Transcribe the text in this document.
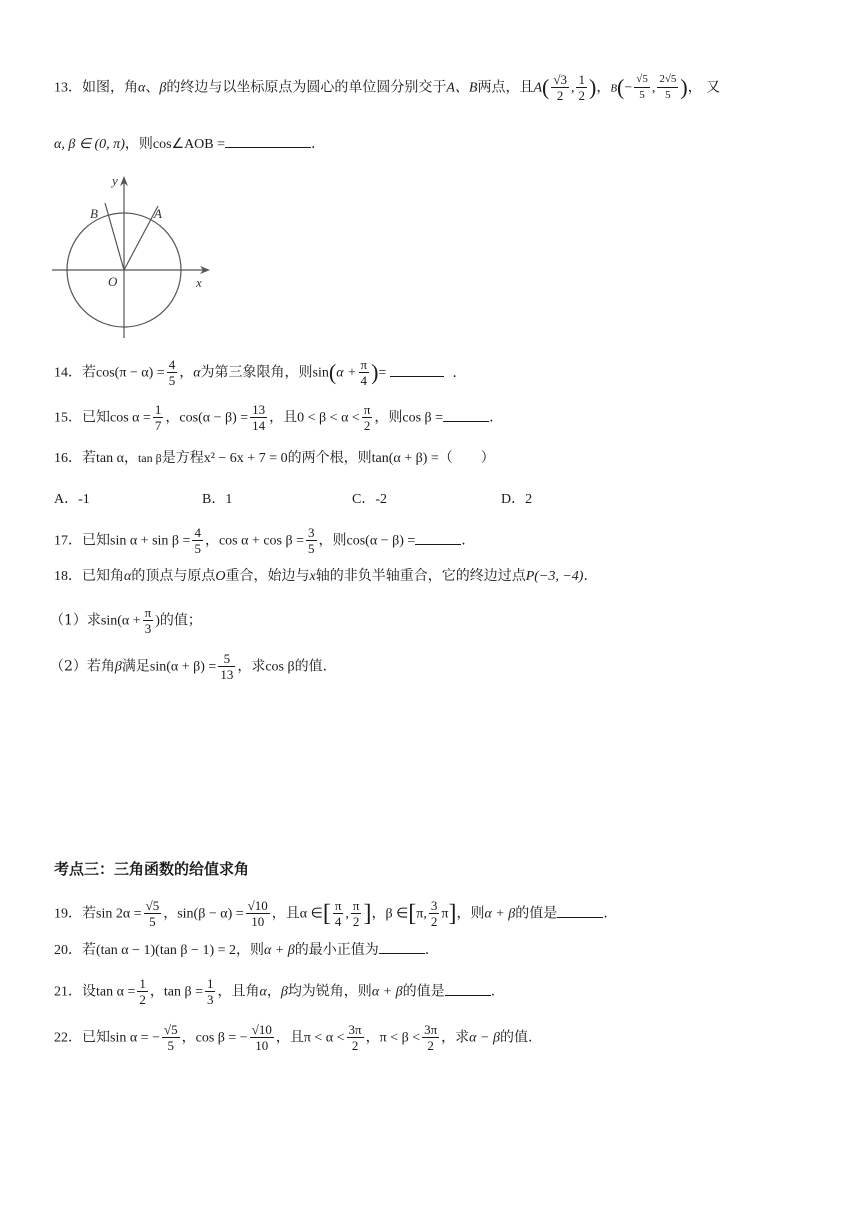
13．如图，角α、β的终边与以坐标原点为圆心的单位圆分别交于A、B两点，且$A( \frac{√3}{2}$ , $\frac{1}{2}$ )，$B(- \frac{√5}{5}$ , $\frac{2√5}{5}$ )， 又
α, β ∈ (0, π)，则cos∠AOB =	.
y
x
O
A
B
14．若$\cos(\pi - \alpha) = \frac{4}{5}$ ，α为第三象限角，则$\sin(\alpha + \frac{\pi}{4}$ )=	.
15．已知$\cos \alpha = \frac{1}{7}$ ，$\cos(\alpha - \beta) = \frac{13}{14}$ ，且$0 < \beta < \alpha < \frac{\pi}{2}$ ，则cos β =	.
16．若tan α，tan β是方程x² − 6x + 7 = 0的两个根，则tan(α + β) =（　　）
A．-1	B．1	C．-2	D．2
17．已知$\sin \alpha + \sin \beta = \frac{4}{5}$ ，$\cos \alpha + \cos \beta = \frac{3}{5}$ ，则cos(α − β) =	.
18．已知角α的顶点与原点O重合，始边与x轴的非负半轴重合，它的终边过点P(−3, −4).
（1）求$\sin(\alpha + \frac{\pi}{3}$ )的值；
（2）若角β满足$\sin(\alpha + \beta) = \frac{5}{13}$ ，求cos β的值.
考点三：三角函数的给值求角
19．若$\sin 2\alpha = \frac{√5}{5}$ ，$\sin(\beta - \alpha) = \frac{√10}{10}$ ，且α ∈[ $\frac{\pi}{4}$ , $\frac{\pi}{2}$ ]，β ∈[π, $\frac{3}{2} \pi$]，则α + β的值是	.
20．若(tan α − 1)(tan β − 1) = 2，则α + β的最小正值为	.
21．设$\tan \alpha = \frac{1}{2}$ ，$\tan \beta = \frac{1}{3}$ ，且角α，β均为锐角，则α + β的值是	.
22．已知sin α = − $\frac{√5}{5}$ ，cos β = − $\frac{√10}{10}$ ，且$\pi < \alpha < \frac{3\pi}{2}$ ，$\pi < \beta < \frac{3\pi}{2}$ ，求α − β的值.
